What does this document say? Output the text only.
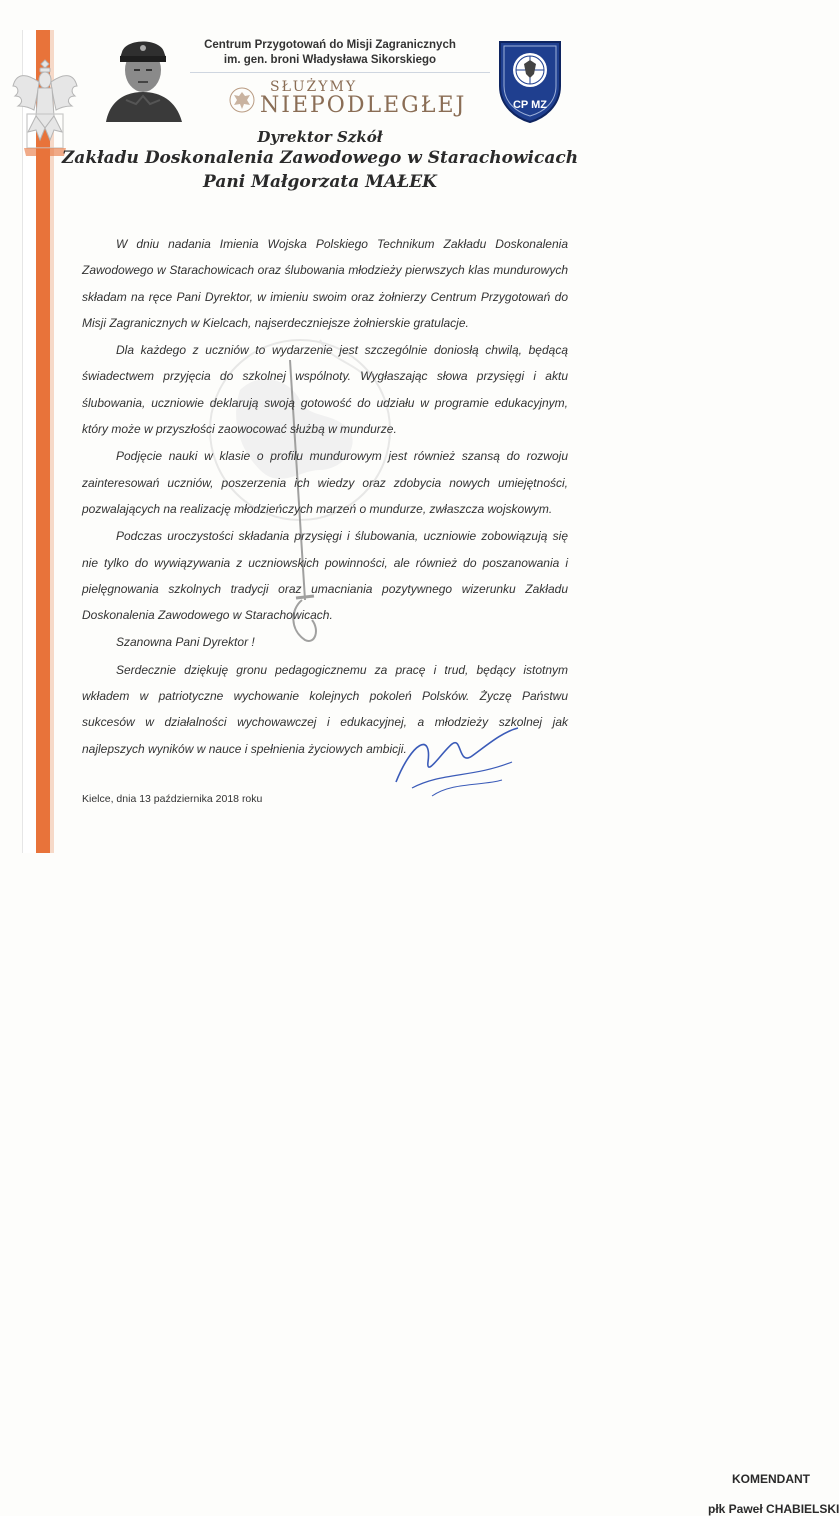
Centrum Przygotowań do Misji Zagranicznych
im. gen. broni Władysława Sikorskiego
SŁUŻYMY
NIEPODLEGŁEJ	CP MZ
Dyrektor Szkół
Zakładu Doskonalenia Zawodowego w Starachowicach
Pani Małgorzata MAŁEK

W dniu nadania Imienia Wojska Polskiego Technikum Zakładu Doskonalenia Zawodowego w Starachowicach oraz ślubowania młodzieży pierwszych klas mundurowych składam na ręce Pani Dyrektor, w imieniu swoim oraz żołnierzy Centrum Przygotowań do Misji Zagranicznych w Kielcach, najserdeczniejsze żołnierskie gratulacje.

Dla każdego z uczniów to wydarzenie jest szczególnie doniosłą chwilą, będącą świadectwem przyjęcia do szkolnej wspólnoty. Wygłaszając słowa przysięgi i aktu ślubowania, uczniowie deklarują swoją gotowość do udziału w programie edukacyjnym, który może w przyszłości zaowocować służbą w mundurze.

Podjęcie nauki w klasie o profilu mundurowym jest również szansą do rozwoju zainteresowań uczniów, poszerzenia ich wiedzy oraz zdobycia nowych umiejętności, pozwalających na realizację młodzieńczych marzeń o mundurze, zwłaszcza wojskowym.

Podczas uroczystości składania przysięgi i ślubowania, uczniowie zobowiązują się nie tylko do wywiązywania z uczniowskich powinności, ale również do poszanowania i pielęgnowania szkolnych tradycji oraz umacniania pozytywnego wizerunku Zakładu Doskonalenia Zawodowego w Starachowicach.

Szanowna Pani Dyrektor !

Serdecznie dziękuję gronu pedagogicznemu za pracę i trud, będący istotnym wkładem w patriotyczne wychowanie kolejnych pokoleń Polsków. Życzę Państwu sukcesów w działalności wychowawczej i edukacyjnej, a młodzieży szkolnej jak najlepszych wyników w nauce i spełnienia życiowych ambicji.

KOMENDANT
płk Paweł CHABIELSKI
Kielce, dnia 13 października 2018 roku
